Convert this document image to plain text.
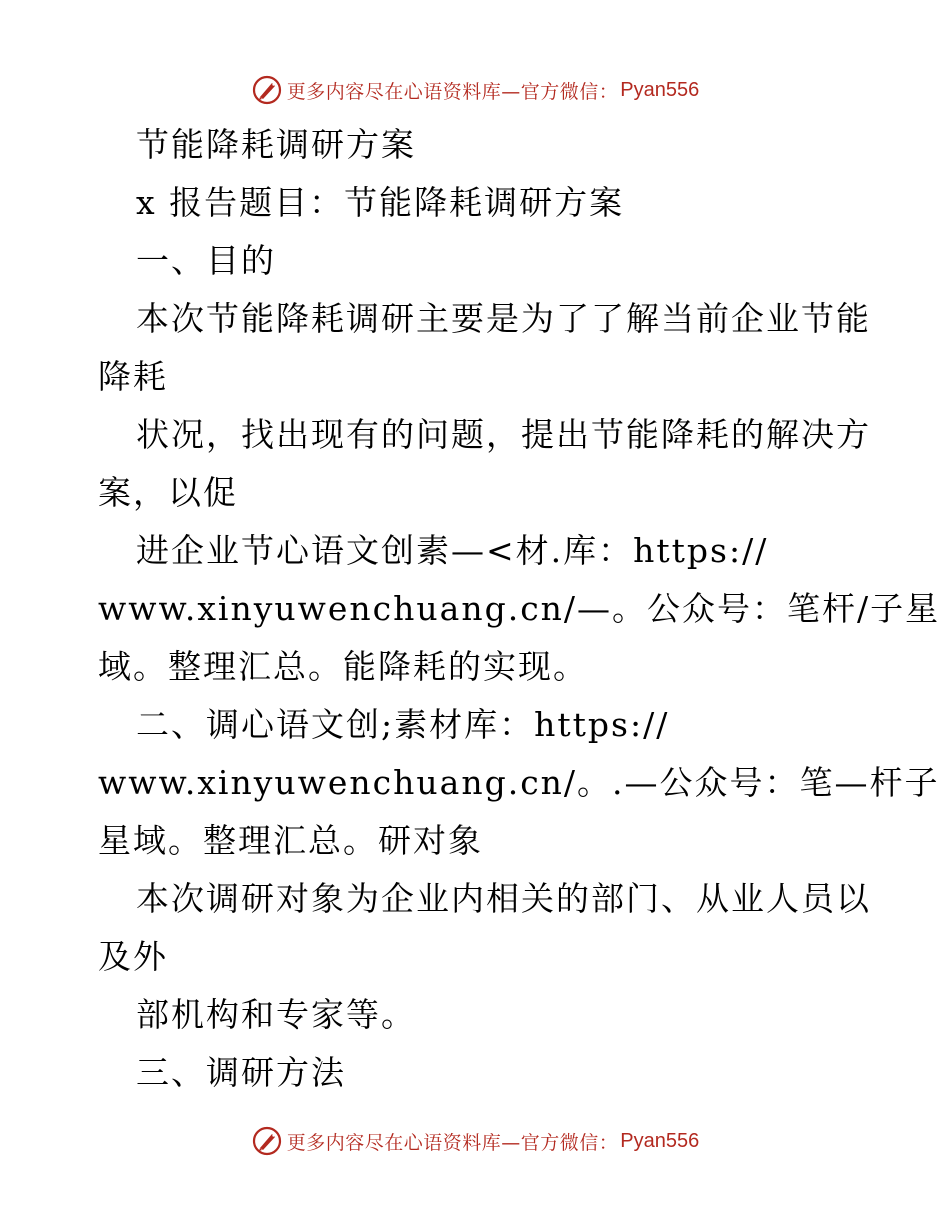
更多内容尽在心语资料库—官方微信： Pyan556
节能降耗调研方案
x 报告题目：节能降耗调研方案
一、目的
本次节能降耗调研主要是为了了解当前企业节能
降耗
状况，找出现有的问题，提出节能降耗的解决方
案，以促
进企业节心语文创素—<材.库：https://
www.xinyuwenchuang.cn/—。公众号：笔杆/子星
域。整理汇总。能降耗的实现。
二、调心语文创;素材库：https://
www.xinyuwenchuang.cn/。.—公众号：笔—杆子
星域。整理汇总。研对象
本次调研对象为企业内相关的部门、从业人员以
及外
部机构和专家等。
三、调研方法
更多内容尽在心语资料库—官方微信： Pyan556
